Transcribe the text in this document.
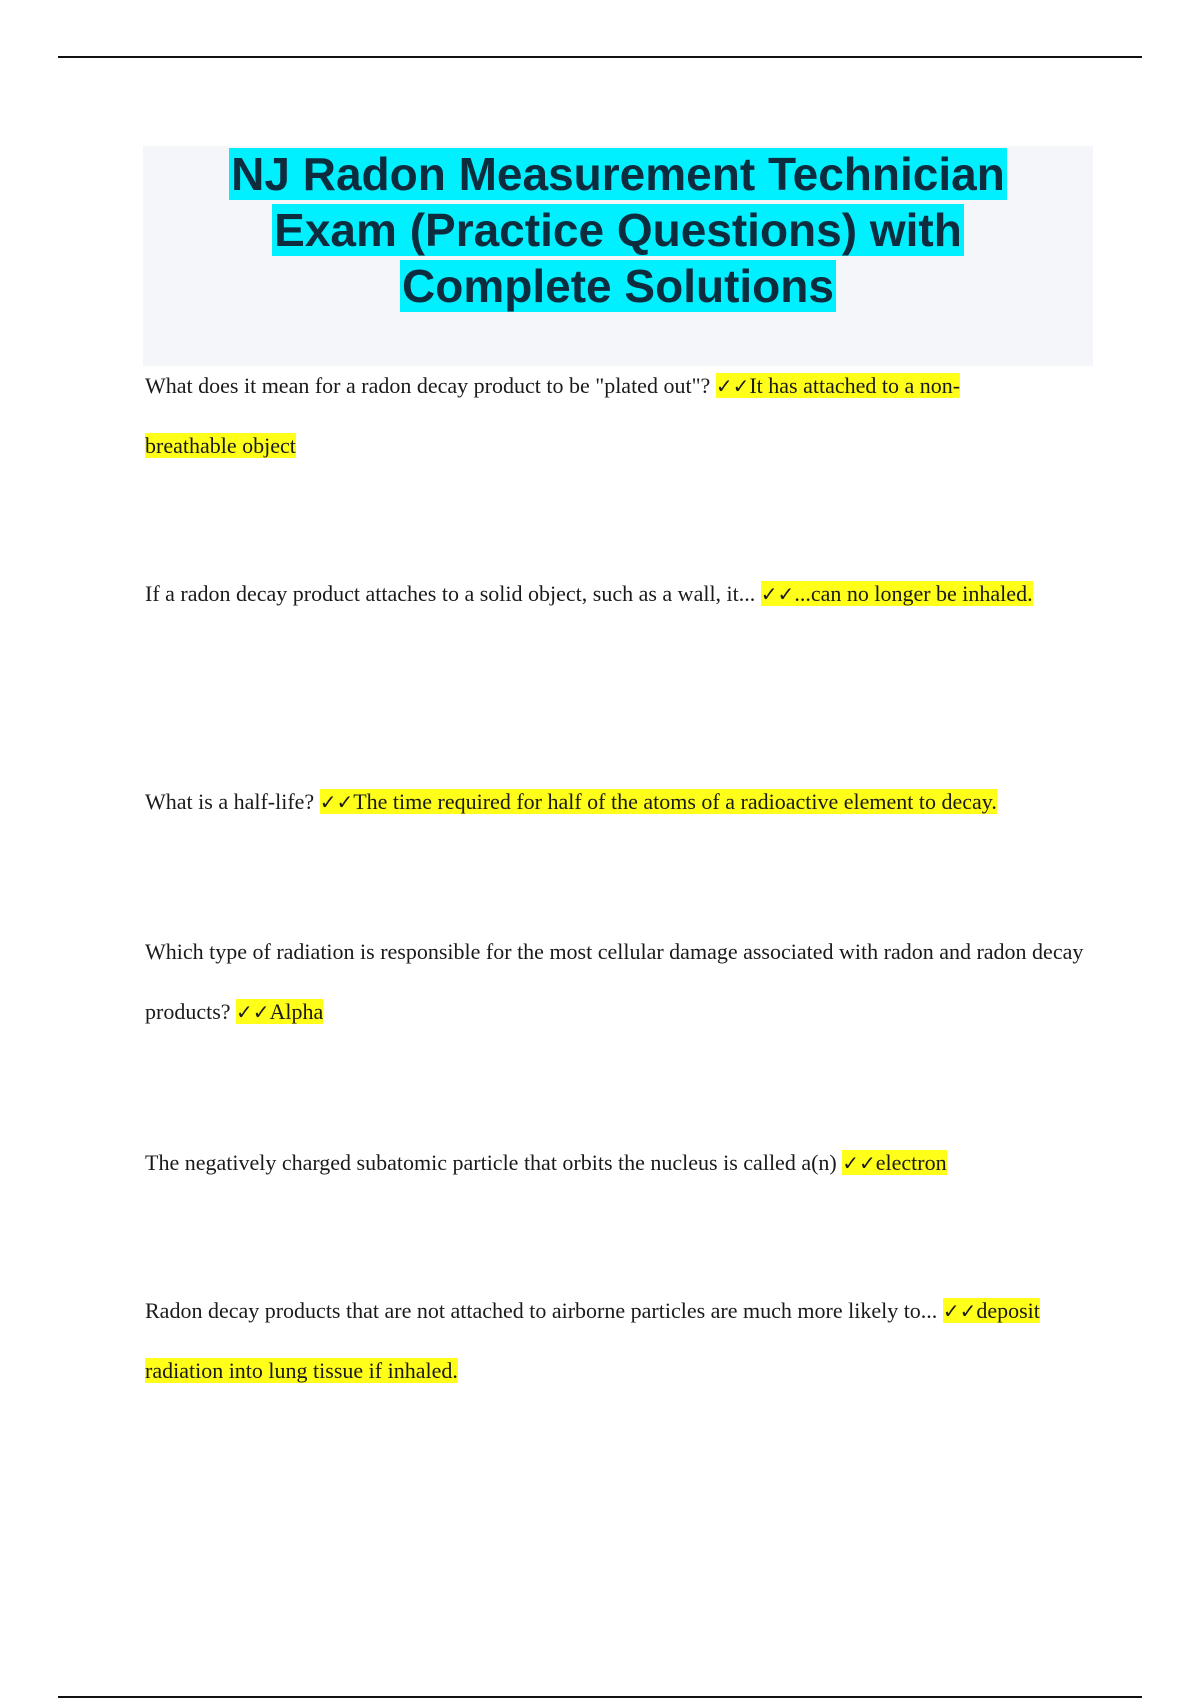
NJ Radon Measurement Technician Exam (Practice Questions) with Complete Solutions

What does it mean for a radon decay product to be "plated out"? ✓✓It has attached to a non-breathable object

If a radon decay product attaches to a solid object, such as a wall, it... ✓✓...can no longer be inhaled.

What is a half-life? ✓✓The time required for half of the atoms of a radioactive element to decay.

Which type of radiation is responsible for the most cellular damage associated with radon and radon decay products? ✓✓Alpha

The negatively charged subatomic particle that orbits the nucleus is called a(n) ✓✓electron

Radon decay products that are not attached to airborne particles are much more likely to... ✓✓deposit radiation into lung tissue if inhaled.
